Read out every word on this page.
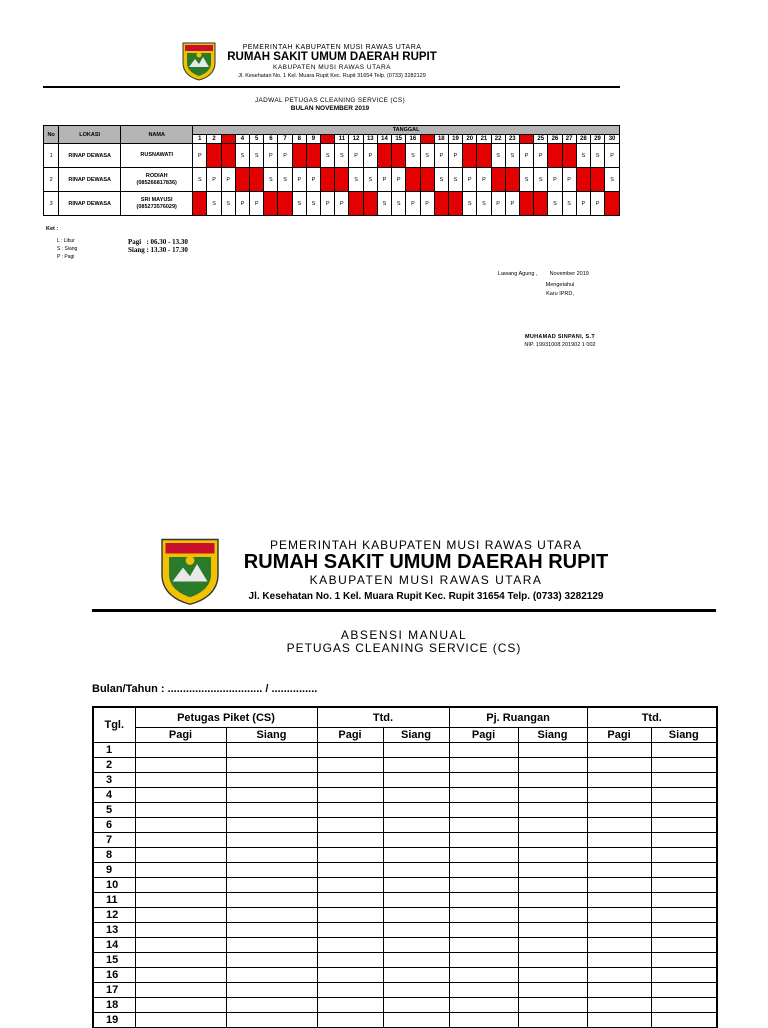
PEMERINTAH KABUPATEN MUSI RAWAS UTARA
RUMAH SAKIT UMUM DAERAH RUPIT
KABUPATEN MUSI RAWAS UTARA
Jl. Kesehatan No. 1 Kel. Muara Rupit Kec. Rupit 31654 Telp. (0733) 3282129
JADWAL PETUGAS CLEANING SERVICE (CS)
BULAN NOVEMBER 2019
No	LOKASI	NAMA	TANGGAL																													
			1	2		4	5	6	7	8	9		11	12	13	14	15	16		18	19	20	21	22	23		25	26	27	28	29	30
1	RINAP DEWASA	RUSNAWATI	P	L	L	S	S	P	P	L	L	S	S	P	P	L	L	S	S	P	P	L	L	S	S	P	P	L	L	S	S	P
2	RINAP DEWASA	RODIAH
(085266817836)	S	P	P	L	L	S	S	P	P	L	L	S	S	P	P	L	L	S	S	P	P	L	L	S	S	P	P	L	L	S
3	RINAP DEWASA	SRI MAYUSI
(085273576029)	L	S	S	P	P	L	L	S	S	P	P	L	L	S	S	P	P	L	L	S	S	P	P	L	L	S	S	P	P	L
Ket :
L : Libur
S : Siang
P : Pagi
Pagi   : 06.30 - 13.30
Siang : 13.30 - 17.30
Lawang Agung ,        November 2019
Mengetahui
Karu IPRD,
MUHAMAD SINPANI, S.T
NIP. 19931008 201902 1 002
PEMERINTAH KABUPATEN MUSI RAWAS UTARA
RUMAH SAKIT UMUM DAERAH RUPIT
KABUPATEN MUSI RAWAS UTARA
Jl. Kesehatan No. 1 Kel. Muara Rupit Kec. Rupit 31654 Telp. (0733) 3282129
ABSENSI MANUAL
PETUGAS CLEANING SERVICE (CS)
Bulan/Tahun : ............................... / ...............
Tgl.	Petugas Piket (CS)		Ttd.		Pj. Ruangan		Ttd.	
	Pagi	Siang	Pagi	Siang	Pagi	Siang	Pagi	Siang
1								
2								
3								
4								
5								
6								
7								
8								
9								
10								
11								
12								
13								
14								
15								
16								
17								
18								
19								
